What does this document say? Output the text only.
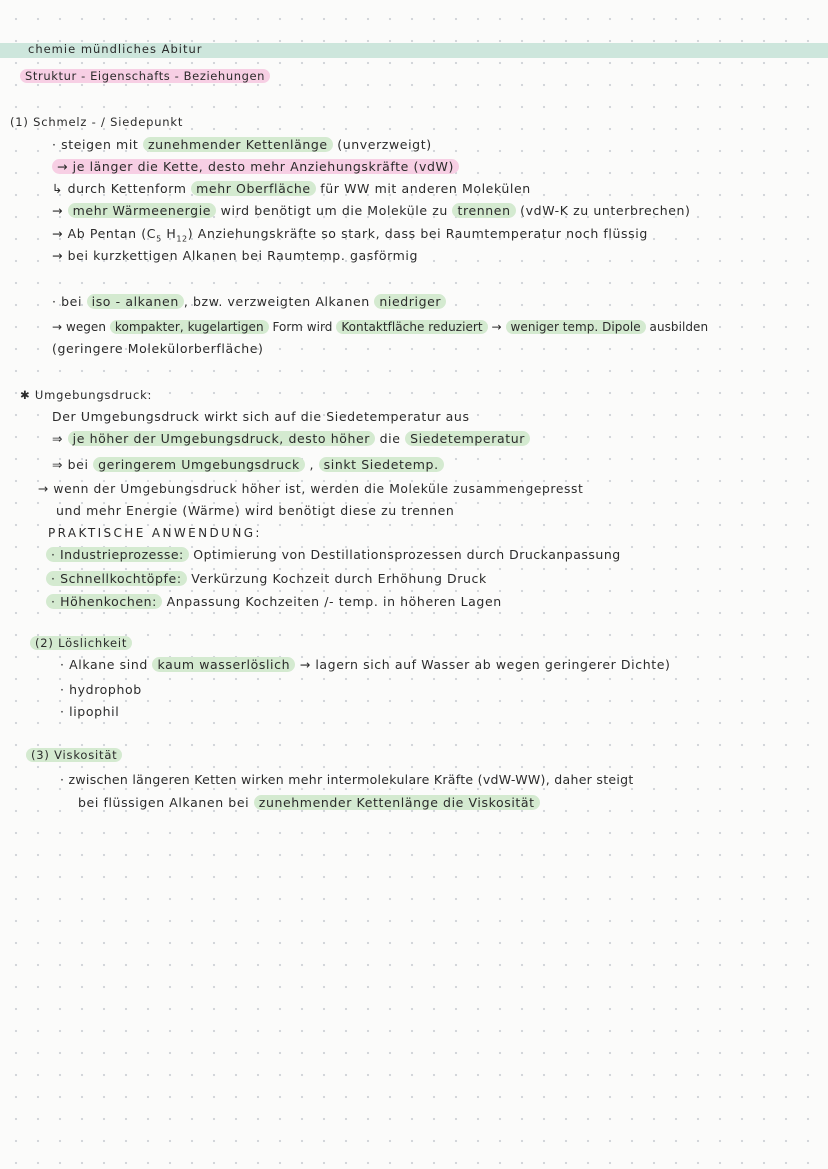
chemie mündliches Abitur
Struktur - Eigenschafts - Beziehungen
(1) Schmelz - / Siedepunkt
· steigen mit zunehmender Kettenlänge (unverzweigt)
→ je länger die Kette, desto mehr Anziehungskräfte (vdW)
↳ durch Kettenform mehr Oberfläche für WW mit anderen Molekülen
→ mehr Wärmeenergie wird benötigt um die Moleküle zu trennen (vdW-K zu unterbrechen)
→ Ab Pentan ($C_5$ $H_{12}$) Anziehungskräfte so stark, dass bei Raumtemperatur noch flüssig
→ bei kurzkettigen Alkanen bei Raumtemp. gasförmig
· bei iso - alkanen , bzw. verzweigten Alkanen niedriger
→ wegen kompakter, kugelartigen Form wird Kontaktfläche reduziert → weniger temp. Dipole ausbilden
(geringere Molekülorberfläche)
✱ Umgebungsdruck:
Der Umgebungsdruck wirkt sich auf die Siedetemperatur aus
⇒ je höher der Umgebungsdruck, desto höher die Siedetemperatur
⇒ bei geringerem Umgebungsdruck , sinkt Siedetemp.
→ wenn der Umgebungsdruck höher ist, werden die Moleküle zusammengepresst
und mehr Energie (Wärme) wird benötigt diese zu trennen
PRAKTISCHE ANWENDUNG:
· Industrieprozesse: Optimierung von Destillationsprozessen durch Druckanpassung
· Schnellkochtöpfe: Verkürzung Kochzeit durch Erhöhung Druck
· Höhenkochen: Anpassung Kochzeiten /- temp. in höheren Lagen
(2) Löslichkeit
· Alkane sind kaum wasserlöslich → lagern sich auf Wasser ab wegen geringerer Dichte)
· hydrophob
· lipophil
(3) Viskosität
· zwischen längeren Ketten wirken mehr intermolekulare Kräfte (vdW-WW), daher steigt
bei flüssigen Alkanen bei zunehmender Kettenlänge die Viskosität
